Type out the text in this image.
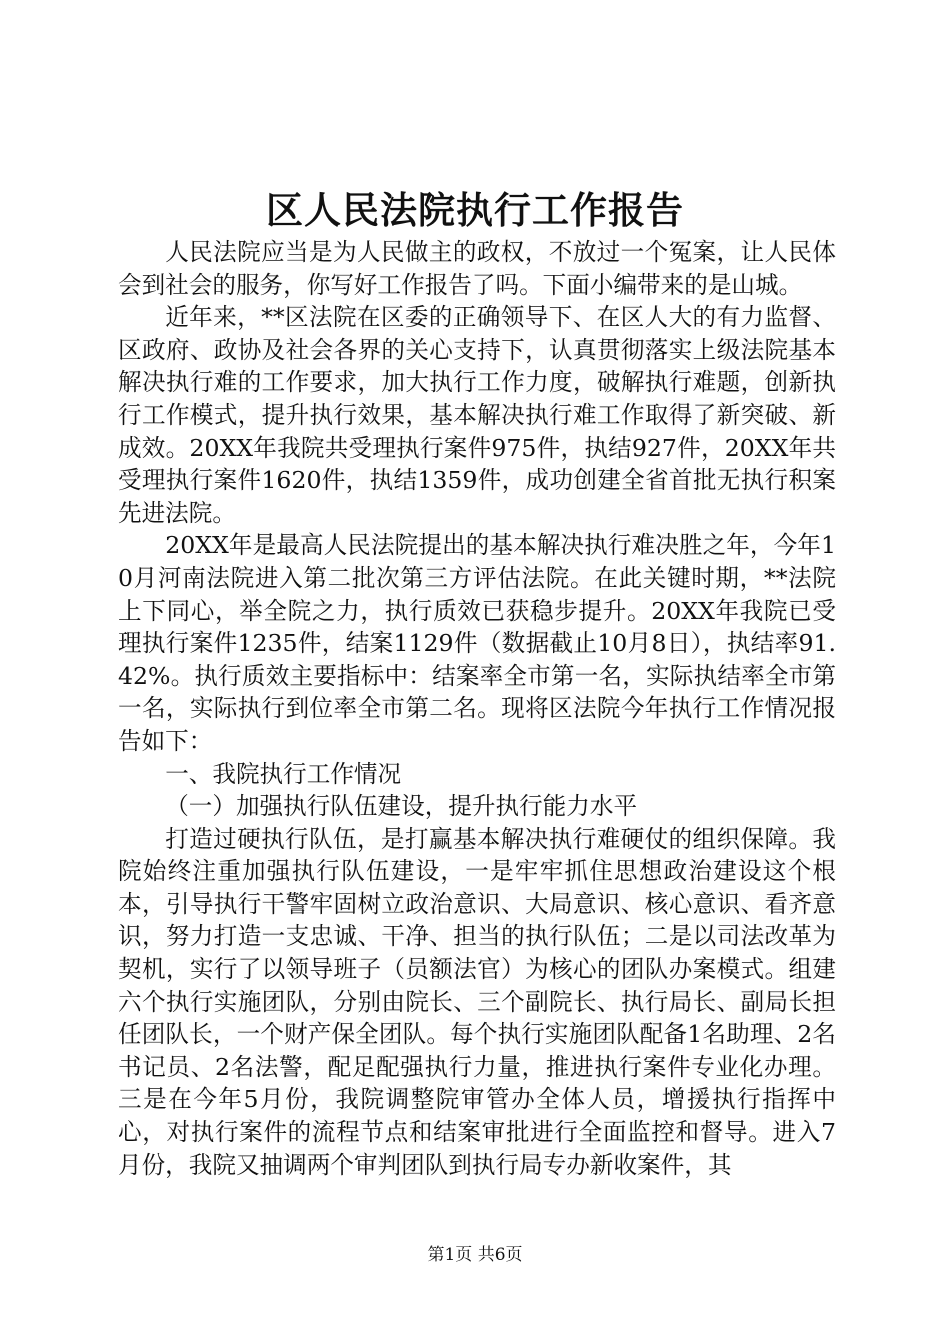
区人民法院执行工作报告

人民法院应当是为人民做主的政权，不放过一个冤案，让人民体会到社会的服务，你写好工作报告了吗。下面小编带来的是山城。

近年来，**区法院在区委的正确领导下、在区人大的有力监督、区政府、政协及社会各界的关心支持下，认真贯彻落实上级法院基本解决执行难的工作要求，加大执行工作力度，破解执行难题，创新执行工作模式，提升执行效果，基本解决执行难工作取得了新突破、新成效。20XX年我院共受理执行案件975件，执结927件，20XX年共受理执行案件1620件，执结1359件，成功创建全省首批无执行积案先进法院。

20XX年是最高人民法院提出的基本解决执行难决胜之年，今年10月河南法院进入第二批次第三方评估法院。在此关键时期，**法院上下同心，举全院之力，执行质效已获稳步提升。20XX年我院已受理执行案件1235件，结案1129件（数据截止10月8日），执结率91.42%。执行质效主要指标中：结案率全市第一名，实际执结率全市第一名，实际执行到位率全市第二名。现将区法院今年执行工作情况报告如下：

一、我院执行工作情况

（一）加强执行队伍建设，提升执行能力水平

打造过硬执行队伍，是打赢基本解决执行难硬仗的组织保障。我院始终注重加强执行队伍建设，一是牢牢抓住思想政治建设这个根本，引导执行干警牢固树立政治意识、大局意识、核心意识、看齐意识，努力打造一支忠诚、干净、担当的执行队伍；二是以司法改革为契机，实行了以领导班子（员额法官）为核心的团队办案模式。组建六个执行实施团队，分别由院长、三个副院长、执行局长、副局长担任团队长，一个财产保全团队。每个执行实施团队配备1名助理、2名书记员、2名法警，配足配强执行力量，推进执行案件专业化办理。三是在今年5月份，我院调整院审管办全体人员，增援执行指挥中心，对执行案件的流程节点和结案审批进行全面监控和督导。进入7月份，我院又抽调两个审判团队到执行局专办新收案件，其

第1页 共6页
